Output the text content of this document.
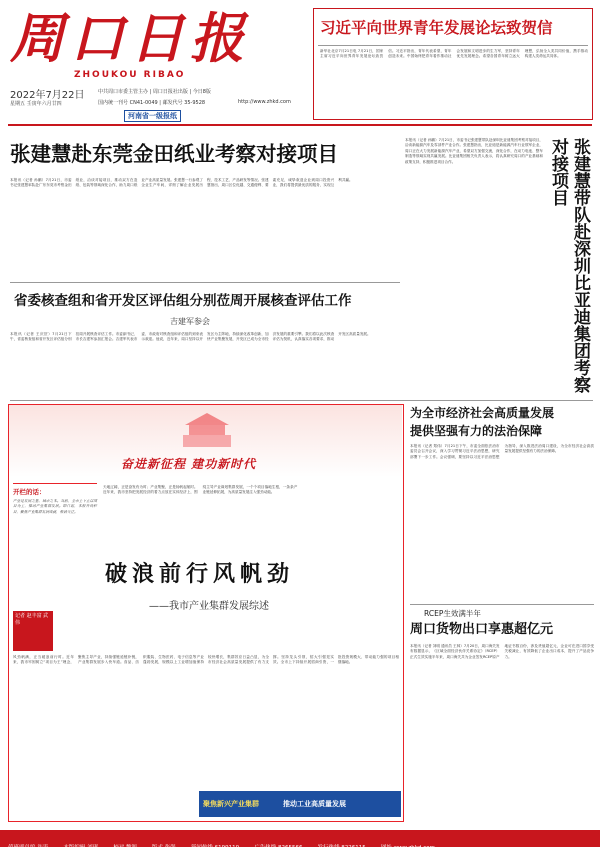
周口日报
ZHOUKOU RIBAO
2022年7月22日
星期五 壬寅年六月廿四
中共周口市委主管主办 | 周口日报社出版 | 今日8版
国内统一刊号 CN41-0049 | 邮发代号 35-9528	http://www.zhkd.com
河南省一级报纸
习近平向世界青年发展论坛致贺信
新华社北京7月21日电 7月21日，国家主席习近平向世界青年发展论坛致贺信。习近平指出，青年代表希望，青年创造未来。中国始终把青年看作推动社会发展和文明进步的生力军，坚持青年优先发展理念。希望各国青年树立远大理想，弘扬全人类共同价值，携手推动构建人类命运共同体。
张建慧赴东莞金田纸业考察对接项目
本报讯（记者 孙鹏）7月21日，市委书记张建慧率队赴广东东莞市考察金田纸业，洽谈对接项目，推动双方在造纸、包装等领域深化合作，助力周口纸业产业高质量发展。张建慧一行参观了企业生产车间，详细了解企业发展历程、技术工艺、产品研发等情况。张建慧指出，周口区位优越、交通便利、要素充足，诚挚欢迎企业到周口投资兴业，我们将提供最优质的服务，实现互利共赢。	张建慧带队赴深圳比亚迪集团考察对接项目
本报讯（记者 孙鹏）7月21日，市委书记张建慧带队赴深圳比亚迪集团考察对接项目，洽谈新能源汽车及零部件产业合作。张建慧指出，比亚迪是新能源汽车行业领军企业，周口正在大力发展新能源汽车产业，希望双方加强交流，深化合作，在动力电池、整车制造等领域实现共赢发展。比亚迪集团相关负责人表示，将认真研究周口的产业基础和政策支持，积极推进项目合作。
省委核查组和省开发区评估组分别莅周开展核查评估工作
吉建军参会
本报讯（记者 王庆贺）7月21日下午，省委核查组和省开发区评估组分别莅周开展核查评估工作。市委副书记、市长吉建军参加汇报会。吉建军代表市委、市政府对核查组和评估组的到来表示欢迎。他说，近年来，周口坚持以开发区为主阵地，持续深化改革创新，加快产业集聚发展，开发区已成为全市经济发展的重要引擎。我们将以此次核查评估为契机，认真落实各项要求，推动开发区高质量发展。
为全市经济社会高质量发展
提供坚强有力的法治保障
本报讯（记者 郑伟）7月21日下午，市委全面依法治市委员会召开会议，深入学习贯彻习近平法治思想，研究部署下一步工作。会议强调，要坚持以习近平法治思想为指导，深入推进法治周口建设，为全市经济社会高质量发展提供坚强有力的法治保障。
奋进新征程 建功新时代
开栏的话：
产业是发展之基，城市之本。当前，全市上下正以项目为王，推动产业集群发展。即日起，本报开设栏目，聚焦产业集群发展成就，敬请关注。
天地辽阔，正是奋发有为时；产业集聚，正是扬帆起航时。近年来，我市坚持把发展经济的着力点放在实体经济上，围绕主导产业谋划集群发展，一个个项目落地生根，一条条产业链延伸拓展，为高质量发展注入强劲动能。
破浪前行风帆劲
——我市产业集群发展综述
记者 赵丰富 武伟
风劲帆满，正当破浪前行时。近年来，我市牢固树立“项目为王”理念，聚焦主导产业，持续强链延链补链，产业集群发展步入快车道。食品、纺织服装、生物医药、电子信息等产业蓬勃发展，规模以上工业增加值保持较快增长，集群效应日益凸显，为全市经济社会高质量发展提供了有力支撑。坚持龙头引领，招大引强见实效。全市上下持续开展招商引资，一批投资规模大、带动能力强的项目相继落地。
聚焦新兴产业集群	推动工业高质量发展
RCEP生效满半年
周口货物出口享惠超亿元
本报讯（记者 刘明 通讯员 王林）7月20日，周口海关发布数据显示，《区域全面经济伙伴关系协定》（RCEP）正式生效实施半年来，周口海关共为企业签发RCEP原产地证书数百份，涉及货值超亿元，企业可在进口国享受关税减让，有效降低了企业出口成本，提升了产品竞争力。
值班副总编 许涛	本版编辑 刘琪	校对 魏源	版式 张强	新闻热线 6199110	广告热线 8265566	发行热线 8226115	网址 www.zhkd.com
